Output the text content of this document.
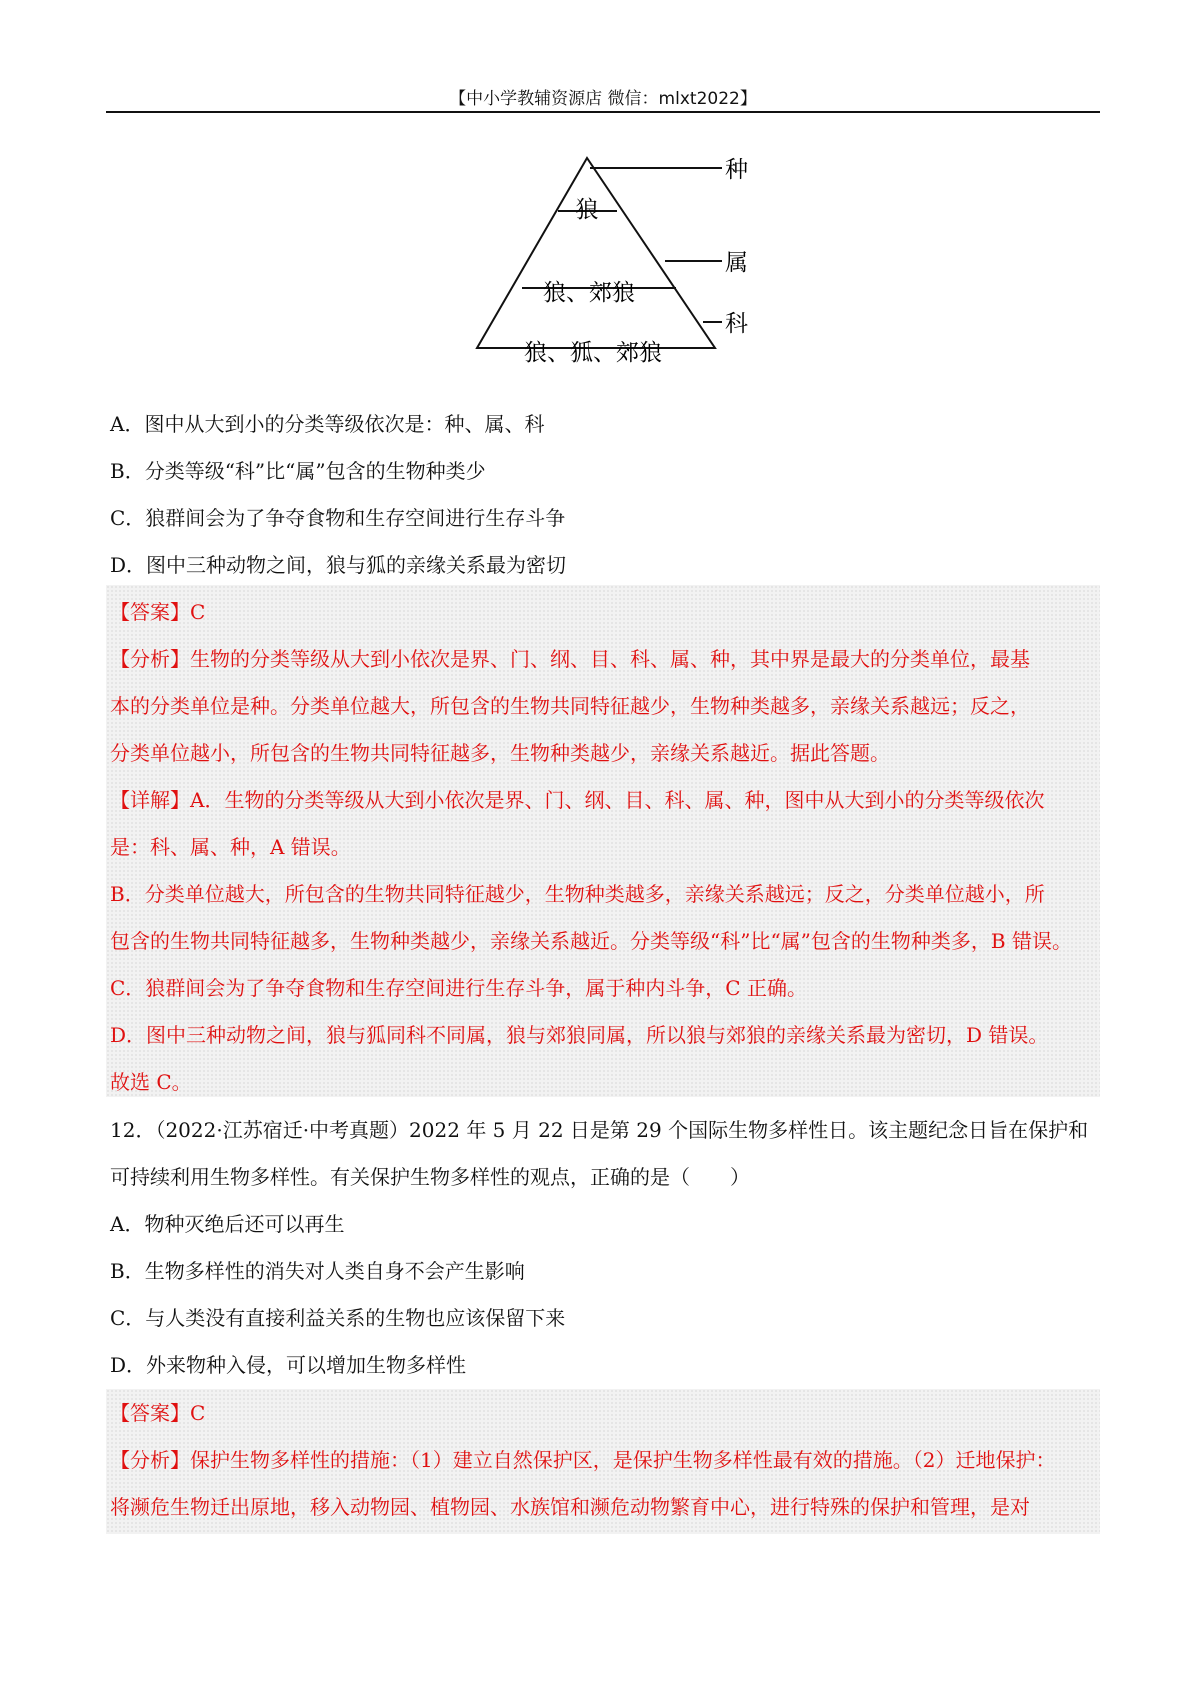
【中小学教辅资源店 微信：mlxt2022】
狼
狼、郊狼
狼、狐、郊狼
种
属
科
A．图中从大到小的分类等级依次是：种、属、科
B．分类等级“科”比“属”包含的生物种类少
C．狼群间会为了争夺食物和生存空间进行生存斗争
D．图中三种动物之间，狼与狐的亲缘关系最为密切
【答案】C
【分析】生物的分类等级从大到小依次是界、门、纲、目、科、属、种，其中界是最大的分类单位，最基
本的分类单位是种。分类单位越大，所包含的生物共同特征越少，生物种类越多，亲缘关系越远；反之，
分类单位越小，所包含的生物共同特征越多，生物种类越少，亲缘关系越近。据此答题。
【详解】A．生物的分类等级从大到小依次是界、门、纲、目、科、属、种，图中从大到小的分类等级依次
是：科、属、种，A 错误。
B．分类单位越大，所包含的生物共同特征越少，生物种类越多，亲缘关系越远；反之，分类单位越小，所
包含的生物共同特征越多，生物种类越少，亲缘关系越近。分类等级“科”比“属”包含的生物种类多，B 错误。
C．狼群间会为了争夺食物和生存空间进行生存斗争，属于种内斗争，C 正确。
D．图中三种动物之间，狼与狐同科不同属，狼与郊狼同属，所以狼与郊狼的亲缘关系最为密切，D 错误。
故选 C。
12．（2022·江苏宿迁·中考真题）2022 年 5 月 22 日是第 29 个国际生物多样性日。该主题纪念日旨在保护和
可持续利用生物多样性。有关保护生物多样性的观点，正确的是（　　）
A．物种灭绝后还可以再生
B．生物多样性的消失对人类自身不会产生影响
C．与人类没有直接利益关系的生物也应该保留下来
D．外来物种入侵，可以增加生物多样性
【答案】C
【分析】保护生物多样性的措施：（1）建立自然保护区，是保护生物多样性最有效的措施。（2）迁地保护：
将濒危生物迁出原地，移入动物园、植物园、水族馆和濒危动物繁育中心，进行特殊的保护和管理，是对
